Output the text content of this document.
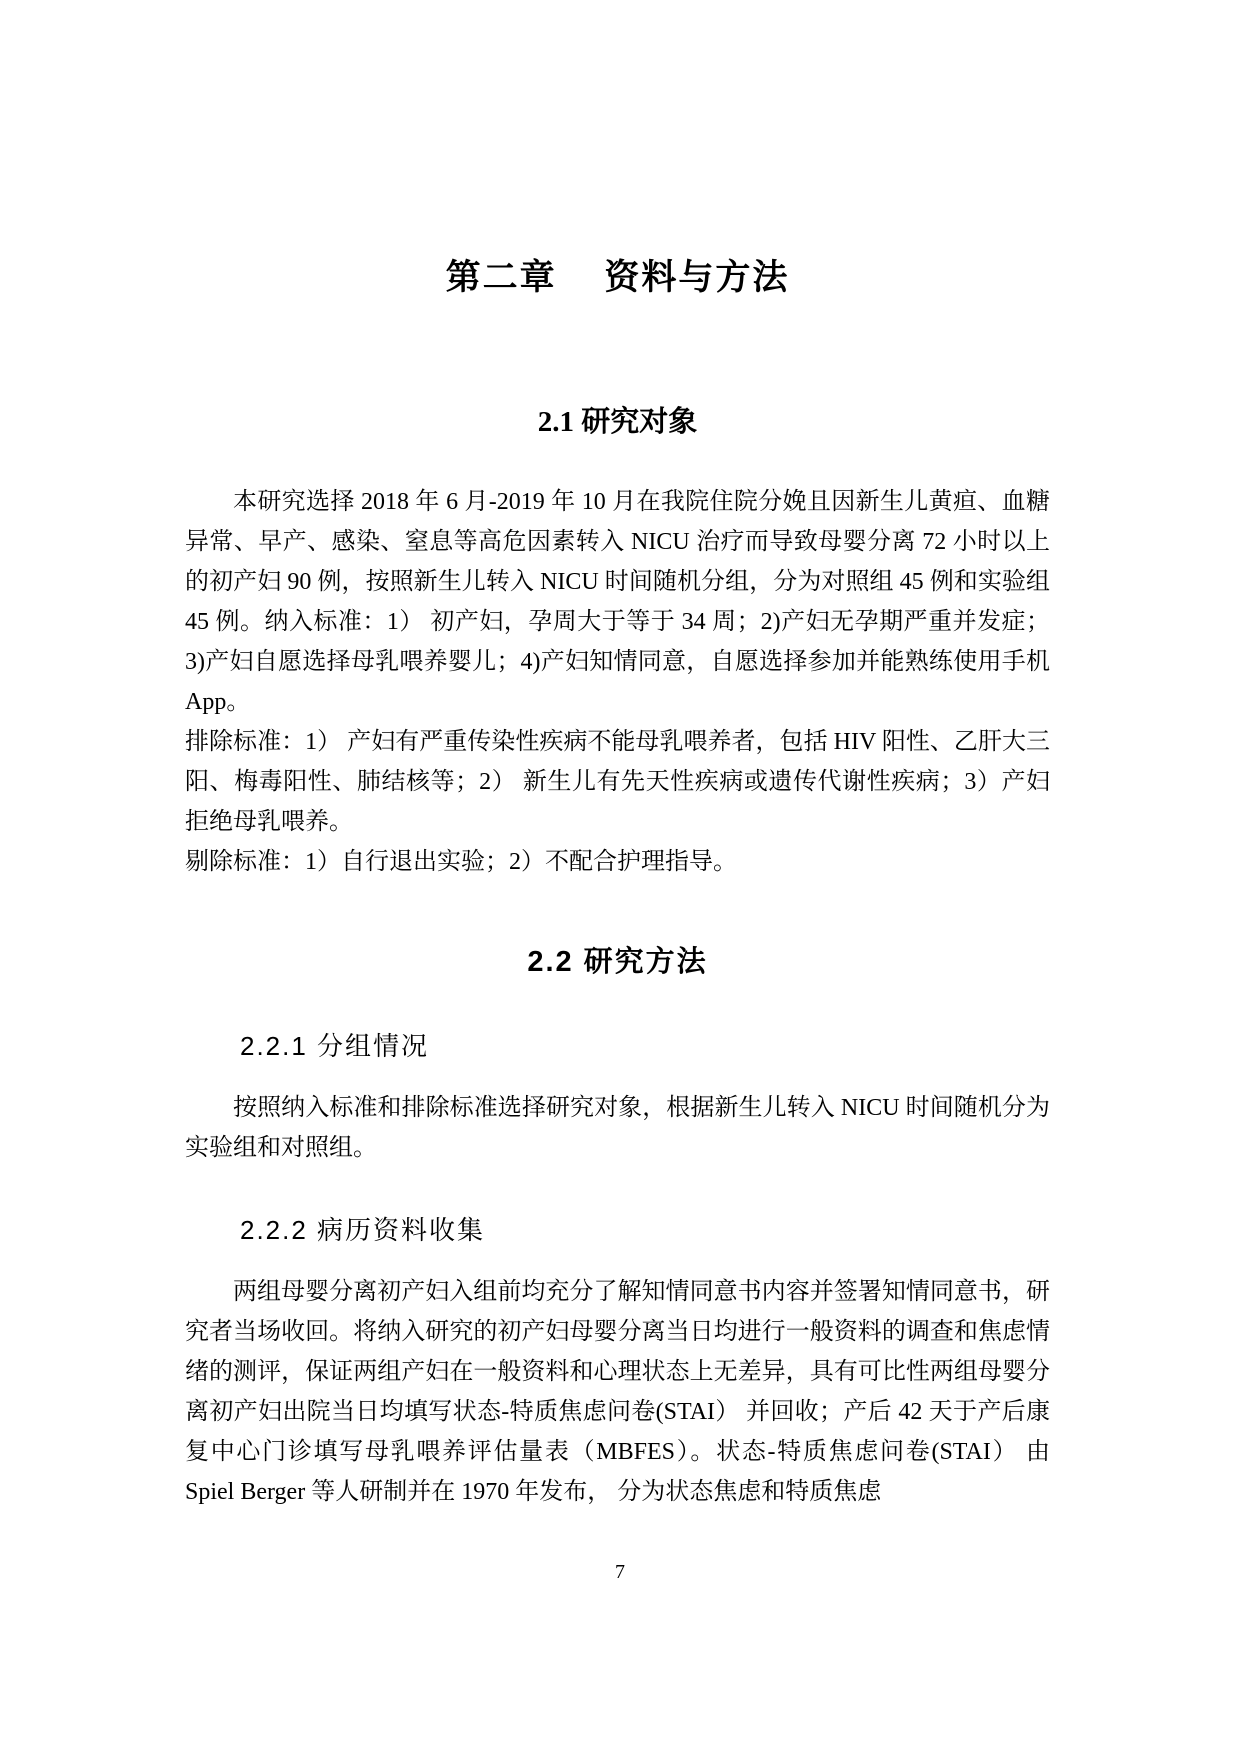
第二章　 资料与方法
2.1 研究对象

本研究选择 2018 年 6 月-2019 年 10 月在我院住院分娩且因新生儿黄疸、血糖异常、早产、感染、窒息等高危因素转入 NICU 治疗而导致母婴分离 72 小时以上的初产妇 90 例，按照新生儿转入 NICU 时间随机分组，分为对照组 45 例和实验组 45 例。纳入标准：1） 初产妇，孕周大于等于 34 周；2)产妇无孕期严重并发症；3)产妇自愿选择母乳喂养婴儿；4)产妇知情同意，自愿选择参加并能熟练使用手机 App。

排除标准：1） 产妇有严重传染性疾病不能母乳喂养者，包括 HIV 阳性、乙肝大三阳、梅毒阳性、肺结核等；2） 新生儿有先天性疾病或遗传代谢性疾病；3）产妇拒绝母乳喂养。

剔除标准：1）自行退出实验；2）不配合护理指导。

2.2 研究方法
2.2.1 分组情况

按照纳入标准和排除标准选择研究对象，根据新生儿转入 NICU 时间随机分为实验组和对照组。

2.2.2 病历资料收集

两组母婴分离初产妇入组前均充分了解知情同意书内容并签署知情同意书，研究者当场收回。将纳入研究的初产妇母婴分离当日均进行一般资料的调查和焦虑情绪的测评，保证两组产妇在一般资料和心理状态上无差异，具有可比性两组母婴分离初产妇出院当日均填写状态-特质焦虑问卷(STAI） 并回收；产后 42 天于产后康复中心门诊填写母乳喂养评估量表（MBFES）。状态-特质焦虑问卷(STAI） 由 Spiel Berger 等人研制并在 1970 年发布， 分为状态焦虑和特质焦虑

7
